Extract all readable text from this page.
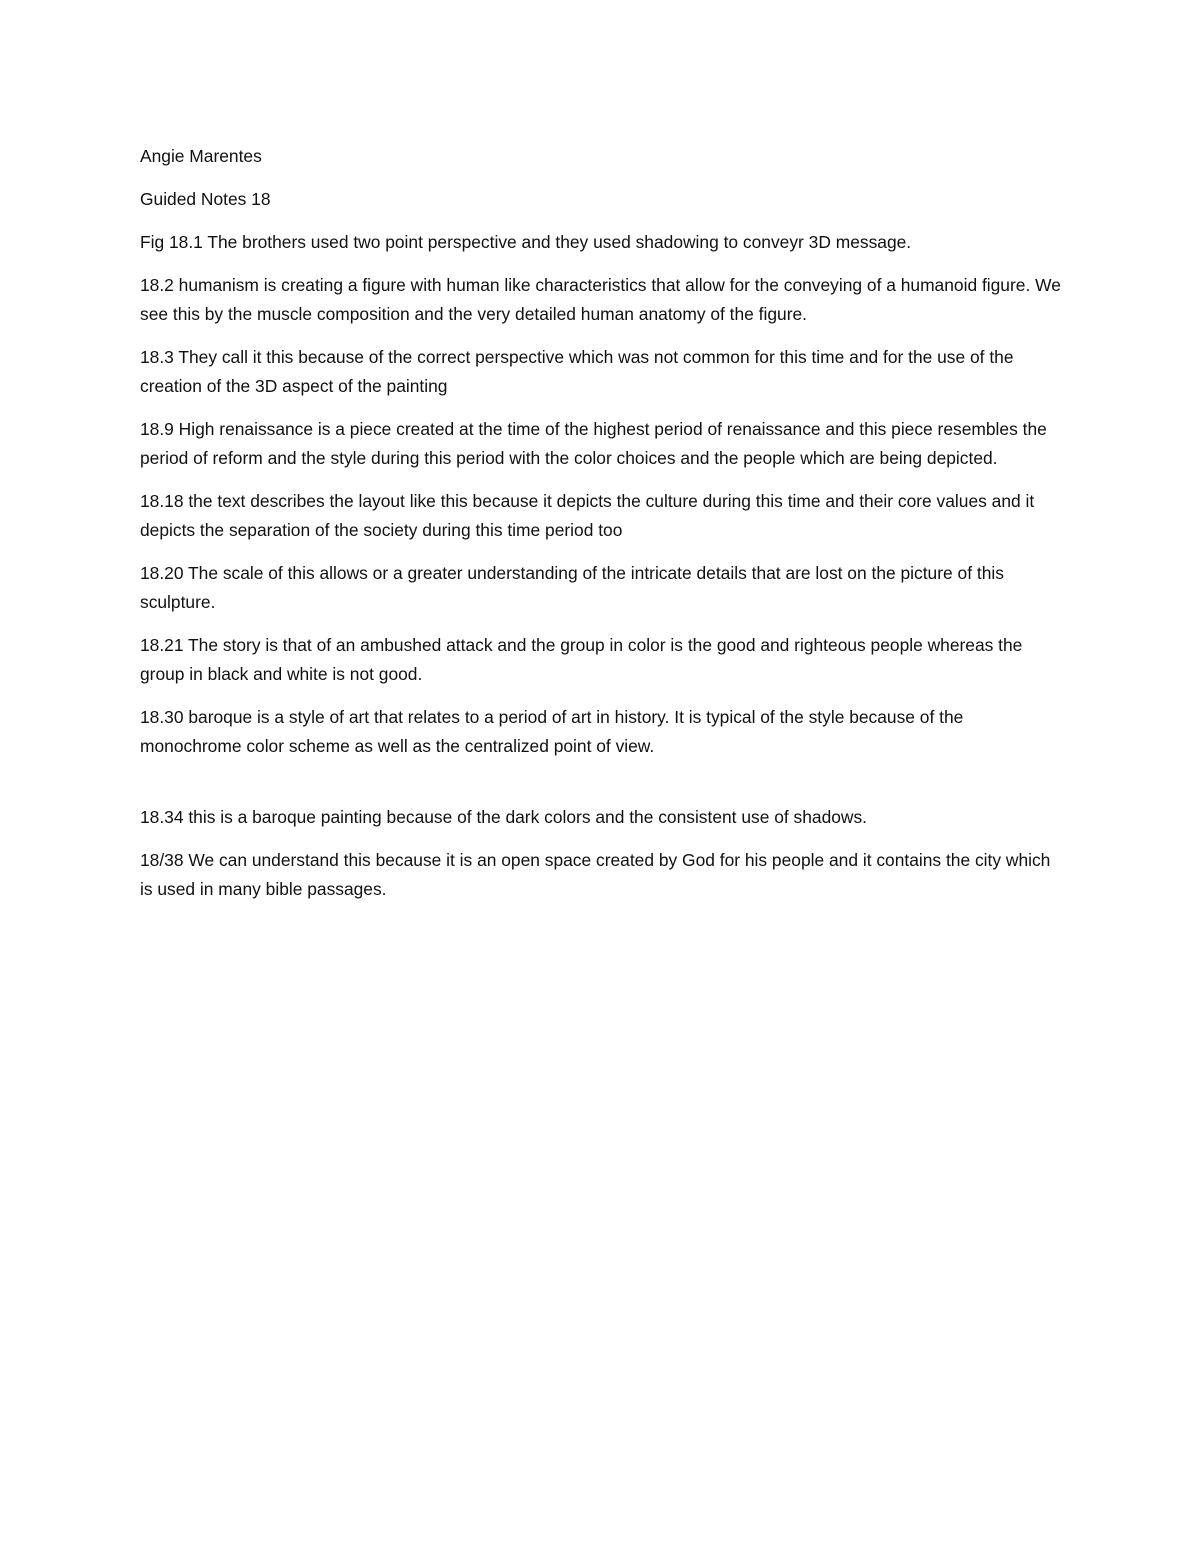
Angie Marentes

Guided Notes 18

Fig 18.1 The brothers used two point perspective and they used shadowing to conveyr 3D message.

18.2 humanism is creating a figure with human like characteristics that allow for the conveying of a humanoid figure. We see this by the muscle composition and the very detailed human anatomy of the figure.

18.3 They call it this because of the correct perspective which was not common for this time and for the use of the creation of the 3D aspect of the painting

18.9 High renaissance is a piece created at the time of the highest period of renaissance and this piece resembles the period of reform and the style during this period with the color choices and the people which are being depicted.

18.18 the text describes the layout like this because it depicts the culture during this time and their core values and it depicts the separation of the society during this time period too

18.20 The scale of this allows or a greater understanding of the intricate details that are lost on the picture of this sculpture.

18.21 The story is that of an ambushed attack and the group in color is the good and righteous people whereas the group in black and white is not good.

18.30 baroque is a style of art that relates to a period of art in history. It is typical of the style because of the monochrome color scheme as well as the centralized point of view.

18.34 this is a baroque painting because of the dark colors and the consistent use of shadows.

18/38 We can understand this because it is an open space created by God for his people and it contains the city which is used in many bible passages.
